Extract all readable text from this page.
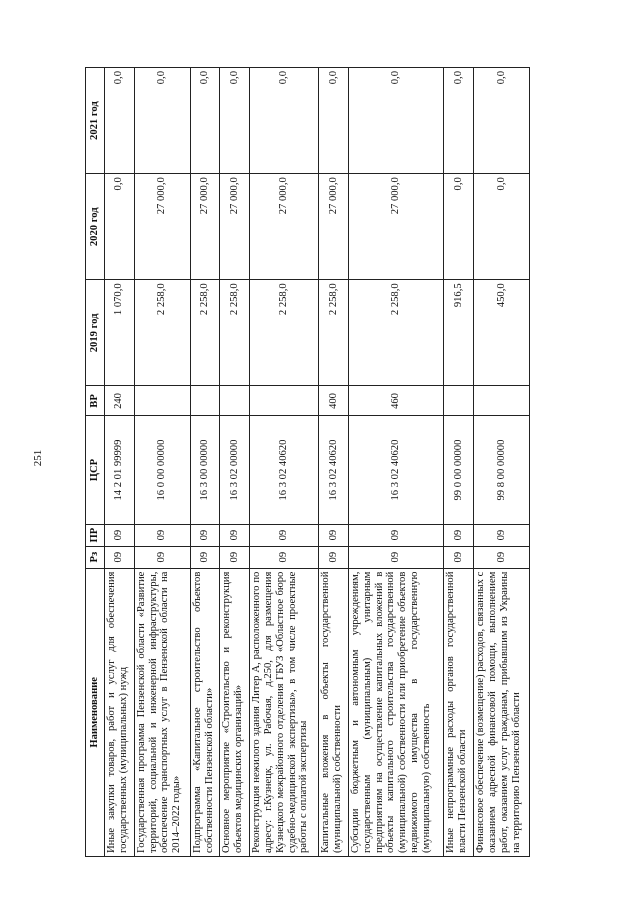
251
Наименование	Рз	ПР	ЦСР	ВР	2019 год	2020 год	2021 год
Иные закупки товаров, работ и услуг для обеспечения государственных (муниципальных) нужд	09	09	14 2 01 99999	240	1 070,0	0,0	0,0
Государственная программа Пензенской области «Развитие территорий, социальной и инженерной инфраструктуры, обеспечение транспортных услуг в Пензенской области на 2014–2022 годы»	09	09	16 0 00 00000		2 258,0	27 000,0	0,0
Подпрограмма «Капитальное строительство объектов собственности Пензенской области»	09	09	16 3 00 00000		2 258,0	27 000,0	0,0
Основное мероприятие «Строительство и реконструкция объектов медицинских организаций»	09	09	16 3 02 00000		2 258,0	27 000,0	0,0
Реконструкция нежилого здания Литер А, расположенного по адресу: г.Кузнецк, ул. Рабочая, д.250, для размещения Кузнецкого межрайонного отделения ГБУЗ «Областное бюро судебно-медицинской экспертизы», в том числе проектные работы с оплатой экспертизы	09	09	16 3 02 40620		2 258,0	27 000,0	0,0
Капитальные вложения в объекты государственной (муниципальной) собственности	09	09	16 3 02 40620	400	2 258,0	27 000,0	0,0
Субсидии бюджетным и автономным учреждениям, государственным (муниципальным) унитарным предприятиям на осуществление капитальных вложений в объекты капитального строительства государственной (муниципальной) собственности или приобретение объектов недвижимого имущества в государственную (муниципальную) собственность	09	09	16 3 02 40620	460	2 258,0	27 000,0	0,0
Иные непрограммные расходы органов государственной власти Пензенской области	09	09	99 0 00 00000		916,5	0,0	0,0
Финансовое обеспечение (возмещение) расходов, связанных с оказанием адресной финансовой помощи, выполнением работ, оказанием услуг гражданам, прибывшим из Украины на территорию Пензенской области	09	09	99 8 00 00000		450,0	0,0	0,0
